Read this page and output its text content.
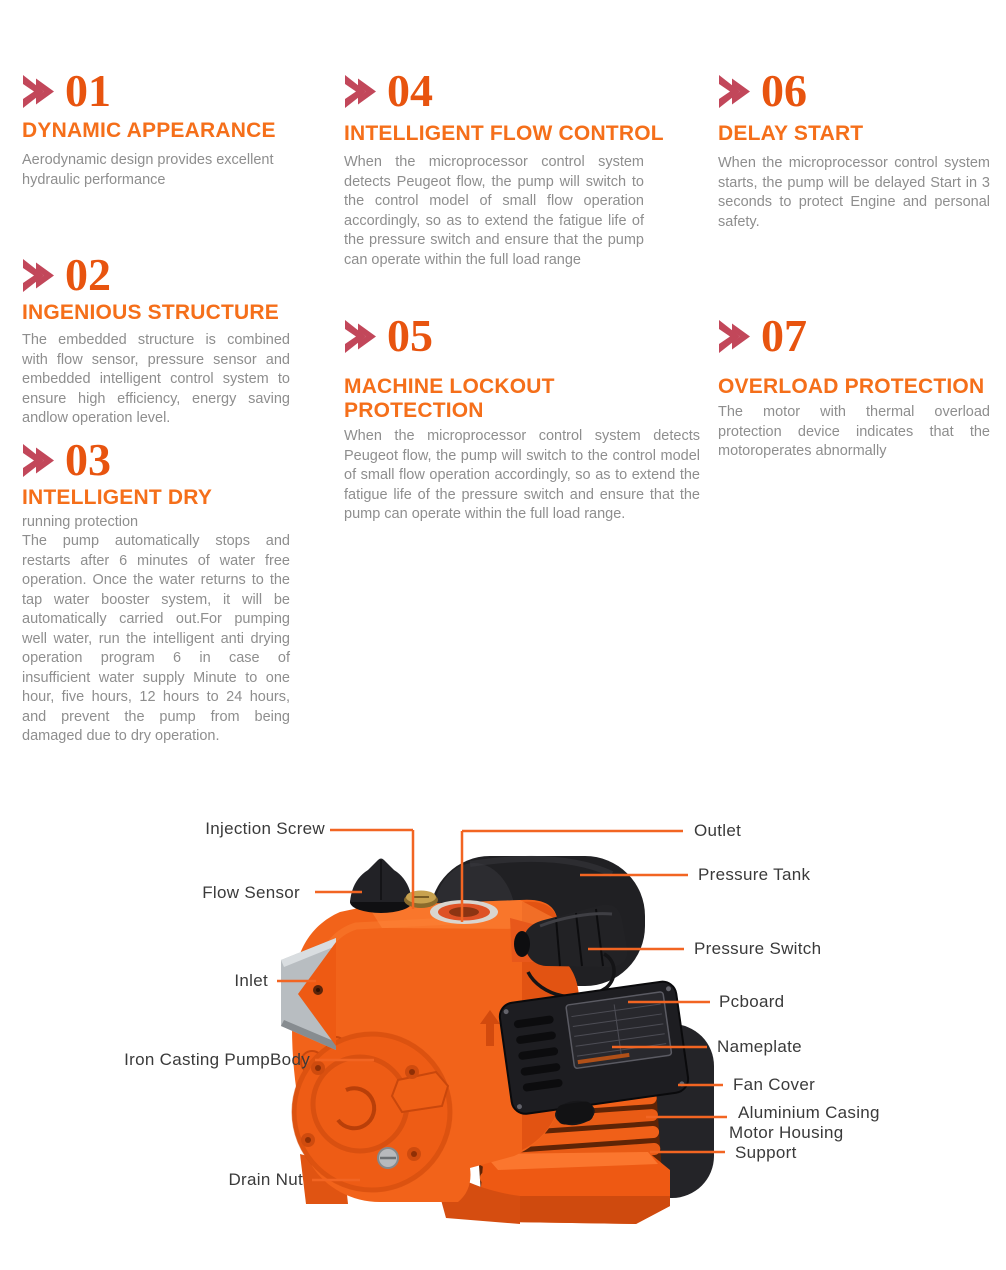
01
DYNAMIC APPEARANCE
Aerodynamic design provides excellent hydraulic performance
02
INGENIOUS STRUCTURE
The embedded structure is combined with flow sensor, pressure sensor and embedded intelligent control system to ensure high efficiency, energy saving andlow operation level.
03
INTELLIGENT DRY
running protection
The pump automatically stops and restarts after 6 minutes of water free operation. Once the water returns to the tap water booster system, it will be automatically carried out.For pumping well water, run the intelligent anti drying operation program 6 in case of insufficient water supply Minute to one hour, five hours, 12 hours to 24 hours, and prevent the pump from being damaged due to dry operation.
04
INTELLIGENT FLOW CONTROL
When the microprocessor control system detects Peugeot flow, the pump will switch to the control model of small flow operation accordingly, so as to extend the fatigue life of the pressure switch and ensure that the pump can operate within the full load range
05
MACHINE LOCKOUT PROTECTION
When the microprocessor control system detects Peugeot flow, the pump will switch to the control model of small flow operation accordingly, so as to extend the fatigue life of the pressure switch and ensure that the pump can operate within the full load range.
06
DELAY START
When the microprocessor control system starts, the pump will be delayed Start in 3 seconds to protect Engine and personal safety.
07
OVERLOAD PROTECTION
The motor with thermal overload protection device indicates that the motoroperates abnormally
Injection Screw
Flow Sensor
Inlet
Iron Casting PumpBody
Drain Nut
Outlet
Pressure Tank
Pressure Switch
Pcboard
Nameplate
Fan Cover
Aluminium Casing
Motor Housing
Support
